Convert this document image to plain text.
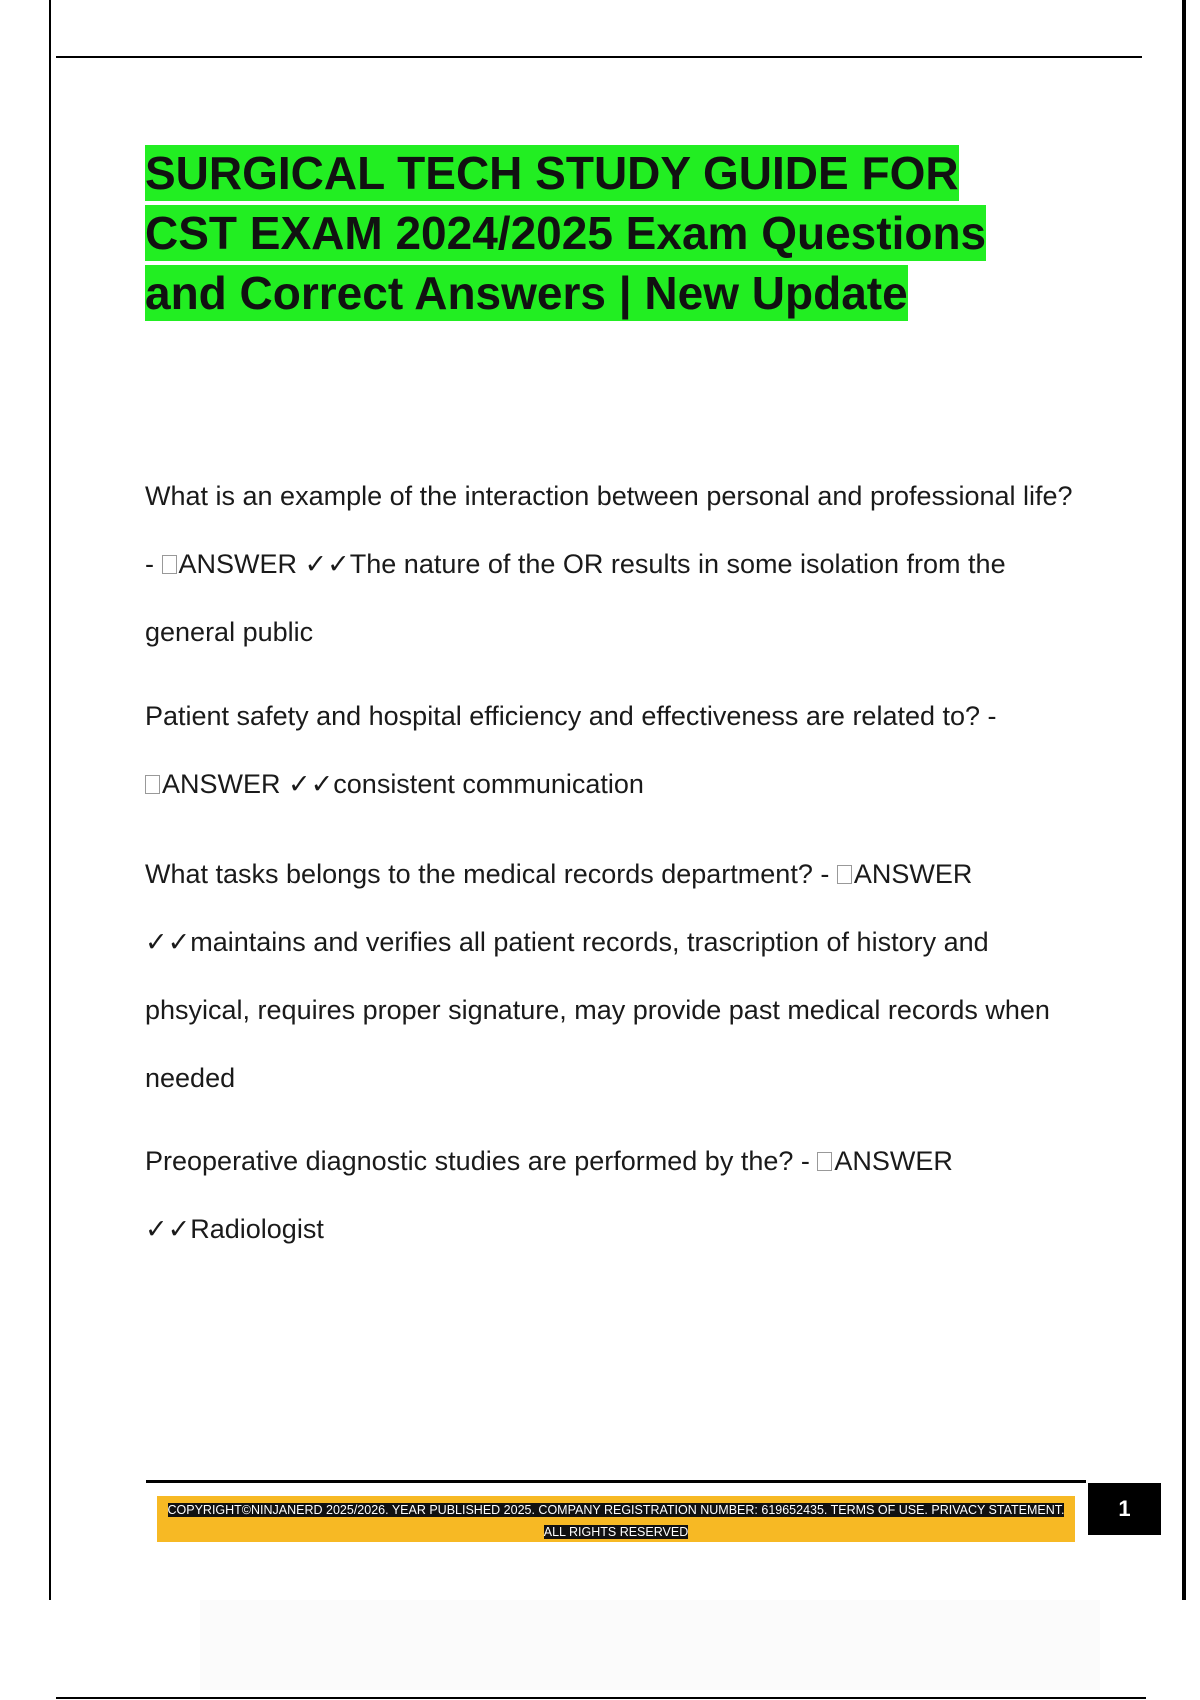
SURGICAL TECH STUDY GUIDE FOR CST EXAM 2024/2025 Exam Questions and Correct Answers | New Update

What is an example of the interaction between personal and professional life? - ANSWER ✓✓The nature of the OR results in some isolation from the general public

Patient safety and hospital efficiency and effectiveness are related to? -
ANSWER ✓✓consistent communication

What tasks belongs to the medical records department? - ANSWER
✓✓maintains and verifies all patient records, trascription of history and phsyical, requires proper signature, may provide past medical records when needed

Preoperative diagnostic studies are performed by the? - ANSWER
✓✓Radiologist

COPYRIGHT©NINJANERD 2025/2026. YEAR PUBLISHED 2025. COMPANY REGISTRATION NUMBER: 619652435. TERMS OF USE. PRIVACY STATEMENT. ALL RIGHTS RESERVED

1
